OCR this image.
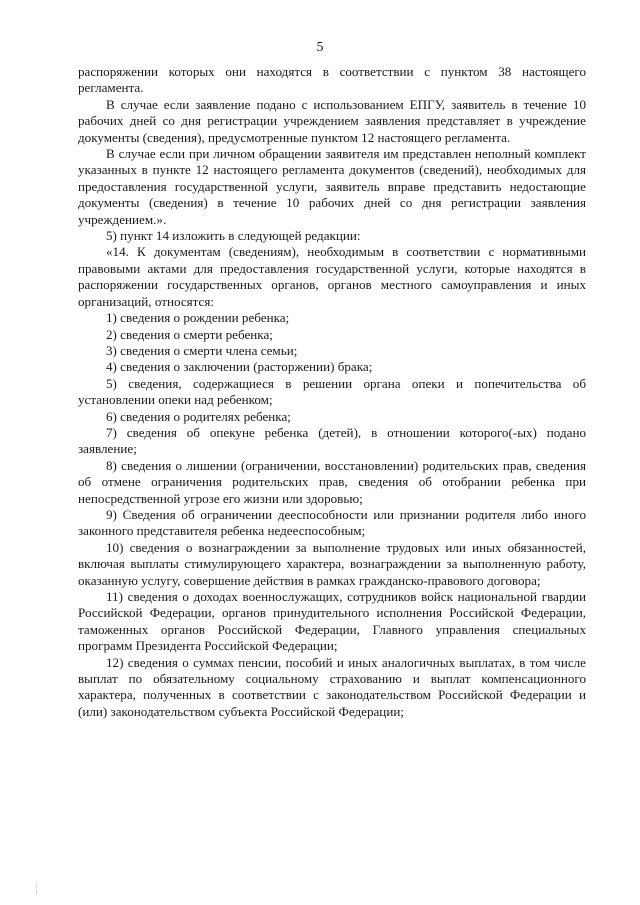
5

распоряжении которых они находятся в соответствии с пунктом 38 настоящего регламента.

В случае если заявление подано с использованием ЕПГУ, заявитель в течение 10 рабочих дней со дня регистрации учреждением заявления представляет в учреждение документы (сведения), предусмотренные пунктом 12 настоящего регламента.

В случае если при личном обращении заявителя им представлен неполный комплект указанных в пункте 12 настоящего регламента документов (сведений), необходимых для предоставления государственной услуги, заявитель вправе представить недостающие документы (сведения) в течение 10 рабочих дней со дня регистрации заявления учреждением.».

5) пункт 14 изложить в следующей редакции:

«14. К документам (сведениям), необходимым в соответствии с нормативными правовыми актами для предоставления государственной услуги, которые находятся в распоряжении государственных органов, органов местного самоуправления и иных организаций, относятся:

1) сведения о рождении ребенка;

2) сведения о смерти ребенка;

3) сведения о смерти члена семьи;

4) сведения о заключении (расторжении) брака;

5) сведения, содержащиеся в решении органа опеки и попечительства об установлении опеки над ребенком;

6) сведения о родителях ребенка;

7) сведения об опекуне ребенка (детей), в отношении которого(-ых) подано заявление;

8) сведения о лишении (ограничении, восстановлении) родительских прав, сведения об отмене ограничения родительских прав, сведения об отобрании ребенка при непосредственной угрозе его жизни или здоровью;

9) Сведения об ограничении дееспособности или признании родителя либо иного законного представителя ребенка недееспособным;

10) сведения о вознаграждении за выполнение трудовых или иных обязанностей, включая выплаты стимулирующего характера, вознаграждении за выполненную работу, оказанную услугу, совершение действия в рамках гражданско-правового договора;

11) сведения о доходах военнослужащих, сотрудников войск национальной гвардии Российской Федерации, органов принудительного исполнения Российской Федерации, таможенных органов Российской Федерации, Главного управления специальных программ Президента Российской Федерации;

12) сведения о суммах пенсии, пособий и иных аналогичных выплатах, в том числе выплат по обязательному социальному страхованию и выплат компенсационного характера, полученных в соответствии с законодательством Российской Федерации и (или) законодательством субъекта Российской Федерации;
